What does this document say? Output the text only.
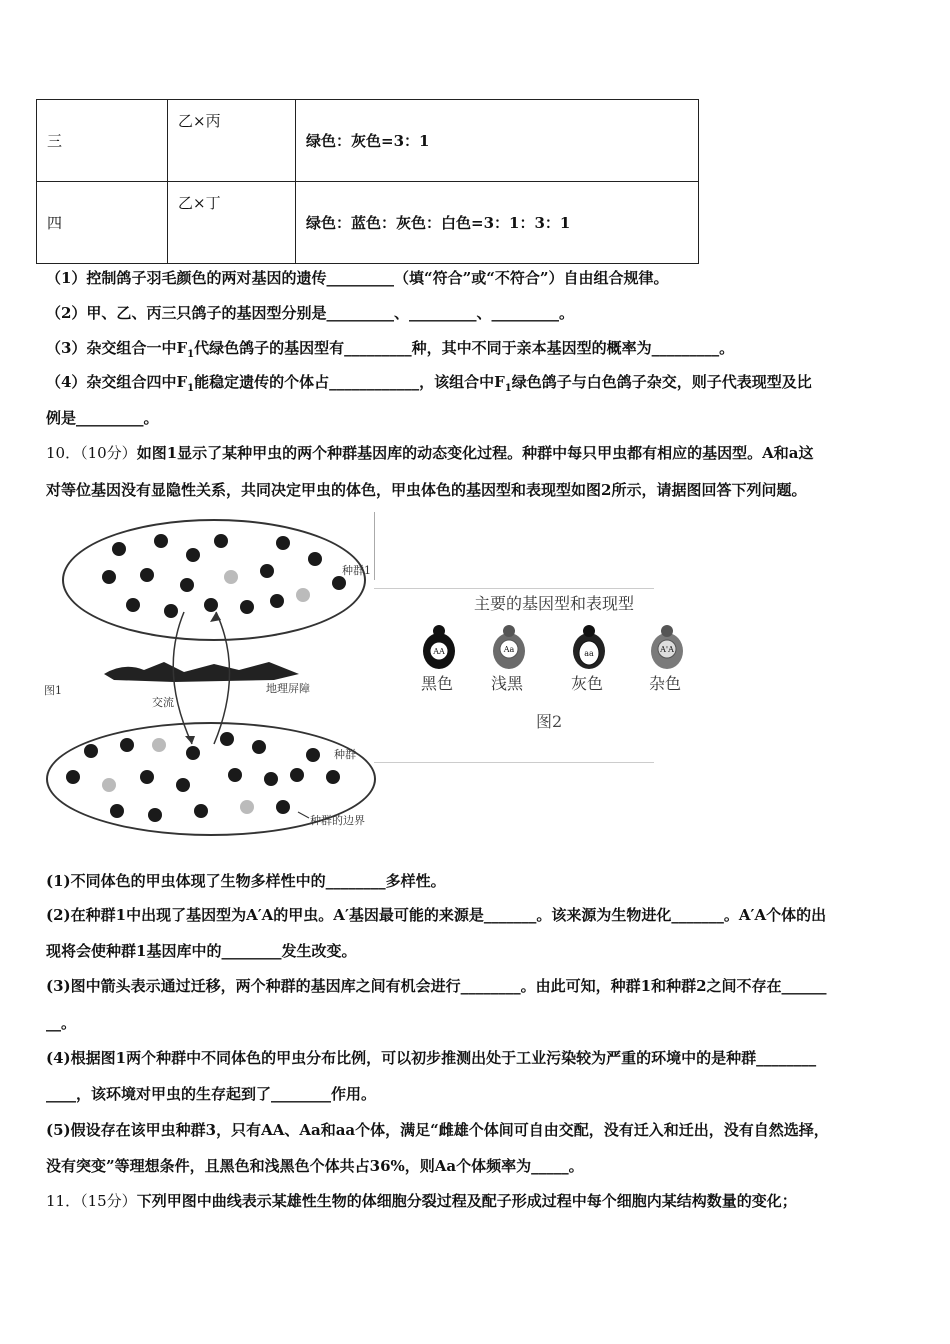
三	乙×丙	绿色：灰色=3：1
四	乙×丁	绿色：蓝色：灰色：白色=3：1：3：1
（1）控制鸽子羽毛颜色的两对基因的遗传_________（填“符合”或“不符合”）自由组合规律。
（2）甲、乙、丙三只鸽子的基因型分别是_________、_________、_________。
（3）杂交组合一中$F_1$代绿色鸽子的基因型有_________种，其中不同于亲本基因型的概率为_________。
（4）杂交组合四中$F_1$能稳定遗传的个体占____________，该组合中$F_1$绿色鸽子与白色鸽子杂交，则子代表现型及比
例是_________。
10．（10分）如图1显示了某种甲虫的两个种群基因库的动态变化过程。种群中每只甲虫都有相应的基因型。A和a这
对等位基因没有显隐性关系，共同决定甲虫的体色，甲虫体色的基因型和表现型如图2所示，请据图回答下列问题。
种群1
地理屏障
交流
图1
种群
种群的边界
主要的基因型和表现型
AA	Aa	aa	A'A
黑色	浅黑	灰色	杂色
图2
(1)不同体色的甲虫体现了生物多样性中的________多样性。
(2)在种群1中出现了基因型为A′A的甲虫。A′基因最可能的来源是_______。该来源为生物进化_______。A′A个体的出
现将会使种群1基因库中的________发生改变。
(3)图中箭头表示通过迁移，两个种群的基因库之间有机会进行________。由此可知，种群1和种群2之间不存在______
__。
(4)根据图1两个种群中不同体色的甲虫分布比例，可以初步推测出处于工业污染较为严重的环境中的是种群________
____，该环境对甲虫的生存起到了________作用。
(5)假设存在该甲虫种群3，只有AA、Aa和aa个体，满足“雌雄个体间可自由交配，没有迁入和迁出，没有自然选择，
没有突变”等理想条件，且黑色和浅黑色个体共占36%，则Aa个体频率为_____。
11．（15分）下列甲图中曲线表示某雄性生物的体细胞分裂过程及配子形成过程中每个细胞内某结构数量的变化；
